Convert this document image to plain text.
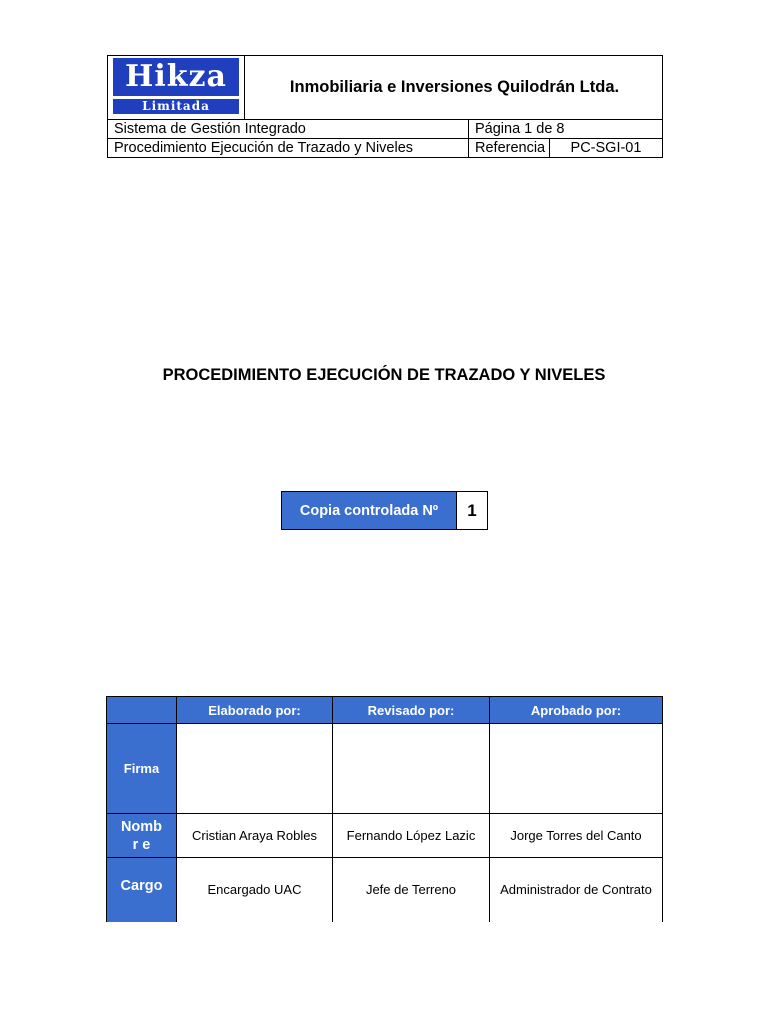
Hikza
Limitada	Inmobiliaria e Inversiones Quilodrán Ltda.		
Sistema de Gestión Integrado		Página 1 de 8	
Procedimiento Ejecución de Trazado y Niveles		Referencia	PC-SGI-01
PROCEDIMIENTO EJECUCIÓN DE TRAZADO Y NIVELES
Copia controlada Nº	1
	Elaborado por:	Revisado por:	Aprobado por:
Firma			
Nombr e	Cristian Araya Robles	Fernando López Lazic	Jorge Torres del Canto
Cargo	Encargado UAC	Jefe de Terreno	Administrador de Contrato
